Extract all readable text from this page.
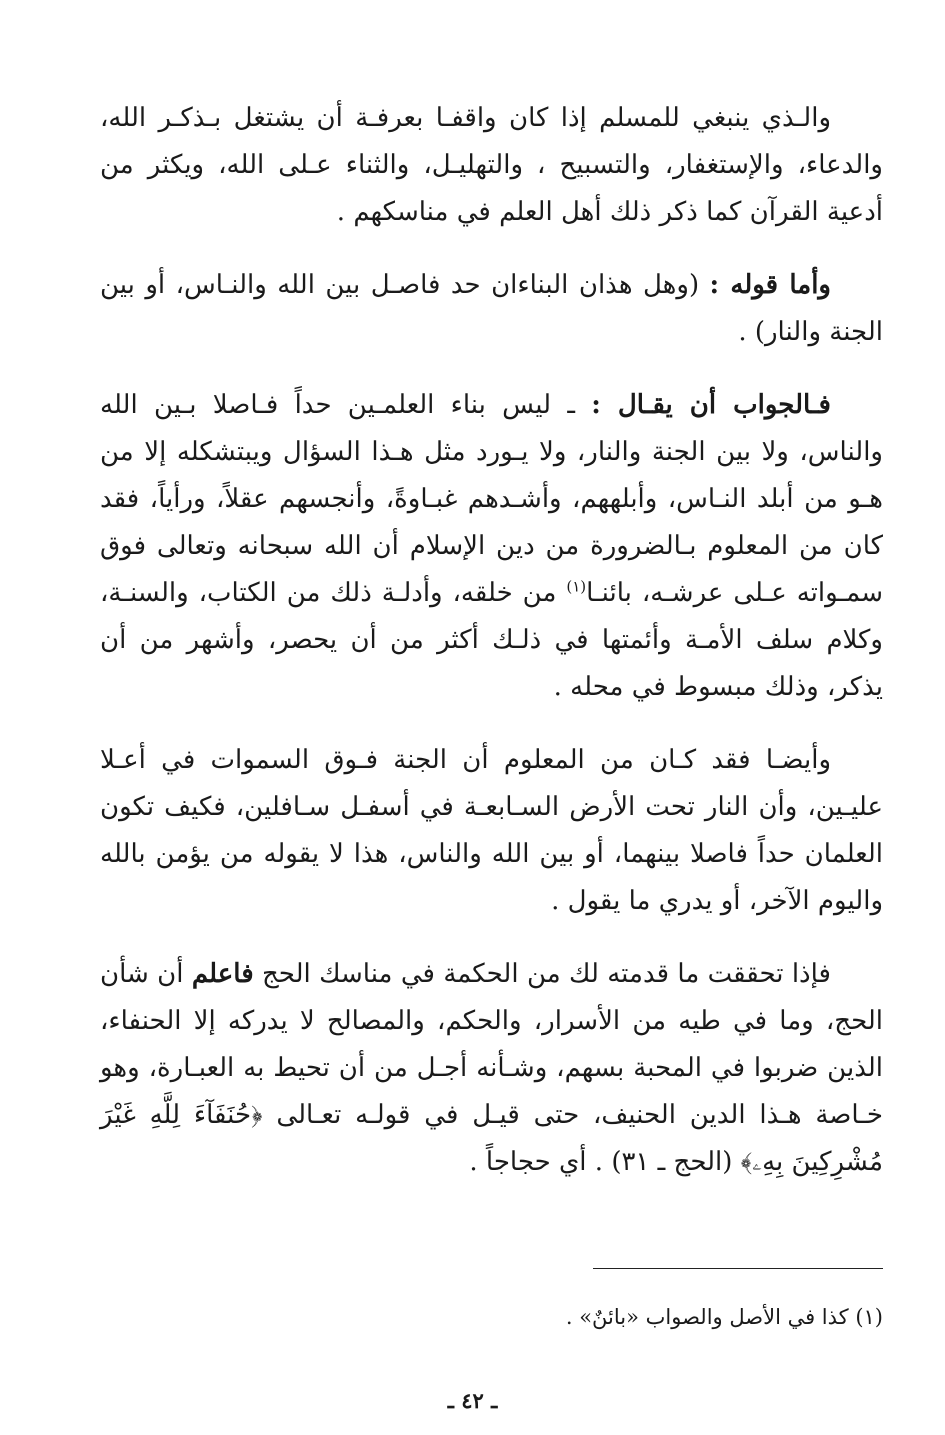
والـذي ينبغي للمسلم إذا كان واقفـا بعرفـة أن يشتغل بـذكـر الله، والدعاء، والإستغفار، والتسبيح ، والتهليـل، والثناء عـلى الله، ويكثر من أدعية القرآن كما ذكر ذلك أهل العلم في مناسكهم .

وأما قوله : (وهل هذان البناءان حد فاصـل بين الله والنـاس، أو بين الجنة والنار) .

فـالجواب أن يقـال : ـ ليس بناء العلمـين حداً فـاصلا بـين الله والناس، ولا بين الجنة والنار، ولا يـورد مثل هـذا السؤال ويبتشكله إلا من هـو من أبلد النـاس، وأبلههم، وأشـدهم غبـاوةً، وأنجسهم عقلاً، ورأياً، فقد كان من المعلوم بـالضرورة من دين الإسلام أن الله سبحانه وتعالى فوق سمـواته عـلى عرشـه، بائنـا$^{(١)}$ من خلقه، وأدلـة ذلك من الكتاب، والسنـة، وكلام سلف الأمـة وأئمتها في ذلـك أكثر من أن يحصر، وأشهر من أن يذكر، وذلك مبسوط في محله .

وأيضـا فقد كـان من المعلوم أن الجنة فـوق السموات في أعـلا عليـين، وأن النار تحت الأرض السـابعـة في أسفـل سـافلين، فكيف تكون العلمان حداً فاصلا بينهما، أو بين الله والناس، هذا لا يقوله من يؤمن بالله واليوم الآخر، أو يدري ما يقول .

فإذا تحققت ما قدمته لك من الحكمة في مناسك الحج فاعلم أن شأن الحج، وما في طيه من الأسرار، والحكم، والمصالح لا يدركه إلا الحنفاء، الذين ضربوا في المحبة بسهم، وشـأنه أجـل من أن تحيط به العبـارة، وهو خـاصة هـذا الدين الحنيف، حتى قيـل في قولـه تعـالى ﴿حُنَفَآءَ لِلَّهِ غَيْرَ مُشْرِكِينَ بِهِۦ﴾ (الحج ـ ٣١) . أي حجاجاً .

(١) كذا في الأصل والصواب «بائنٌ» .

ـ ٤٢ ـ
